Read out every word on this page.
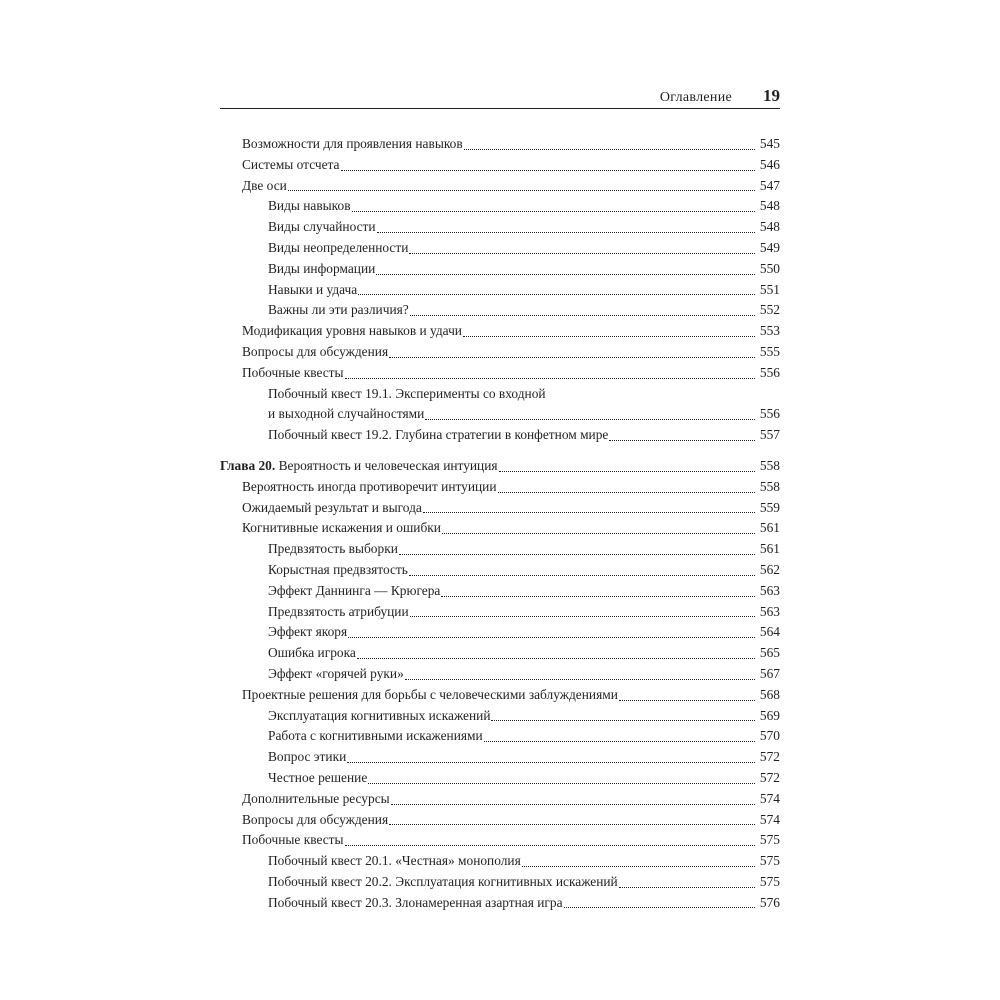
Оглавление 19
Возможности для проявления навыков	545
Системы отсчета	546
Две оси	547
Виды навыков	548
Виды случайности	548
Виды неопределенности	549
Виды информации	550
Навыки и удача	551
Важны ли эти различия?	552
Модификация уровня навыков и удачи	553
Вопросы для обсуждения	555
Побочные квесты	556
Побочный квест 19.1. Эксперименты со входной
и выходной случайностями	556
Побочный квест 19.2. Глубина стратегии в конфетном мире	557
Глава 20. Вероятность и человеческая интуиция	558
Вероятность иногда противоречит интуиции	558
Ожидаемый результат и выгода	559
Когнитивные искажения и ошибки	561
Предвзятость выборки	561
Корыстная предвзятость	562
Эффект Даннинга — Крюгера	563
Предвзятость атрибуции	563
Эффект якоря	564
Ошибка игрока	565
Эффект «горячей руки»	567
Проектные решения для борьбы с человеческими заблуждениями	568
Эксплуатация когнитивных искажений	569
Работа с когнитивными искажениями	570
Вопрос этики	572
Честное решение	572
Дополнительные ресурсы	574
Вопросы для обсуждения	574
Побочные квесты	575
Побочный квест 20.1. «Честная» монополия	575
Побочный квест 20.2. Эксплуатация когнитивных искажений	575
Побочный квест 20.3. Злонамеренная азартная игра	576
